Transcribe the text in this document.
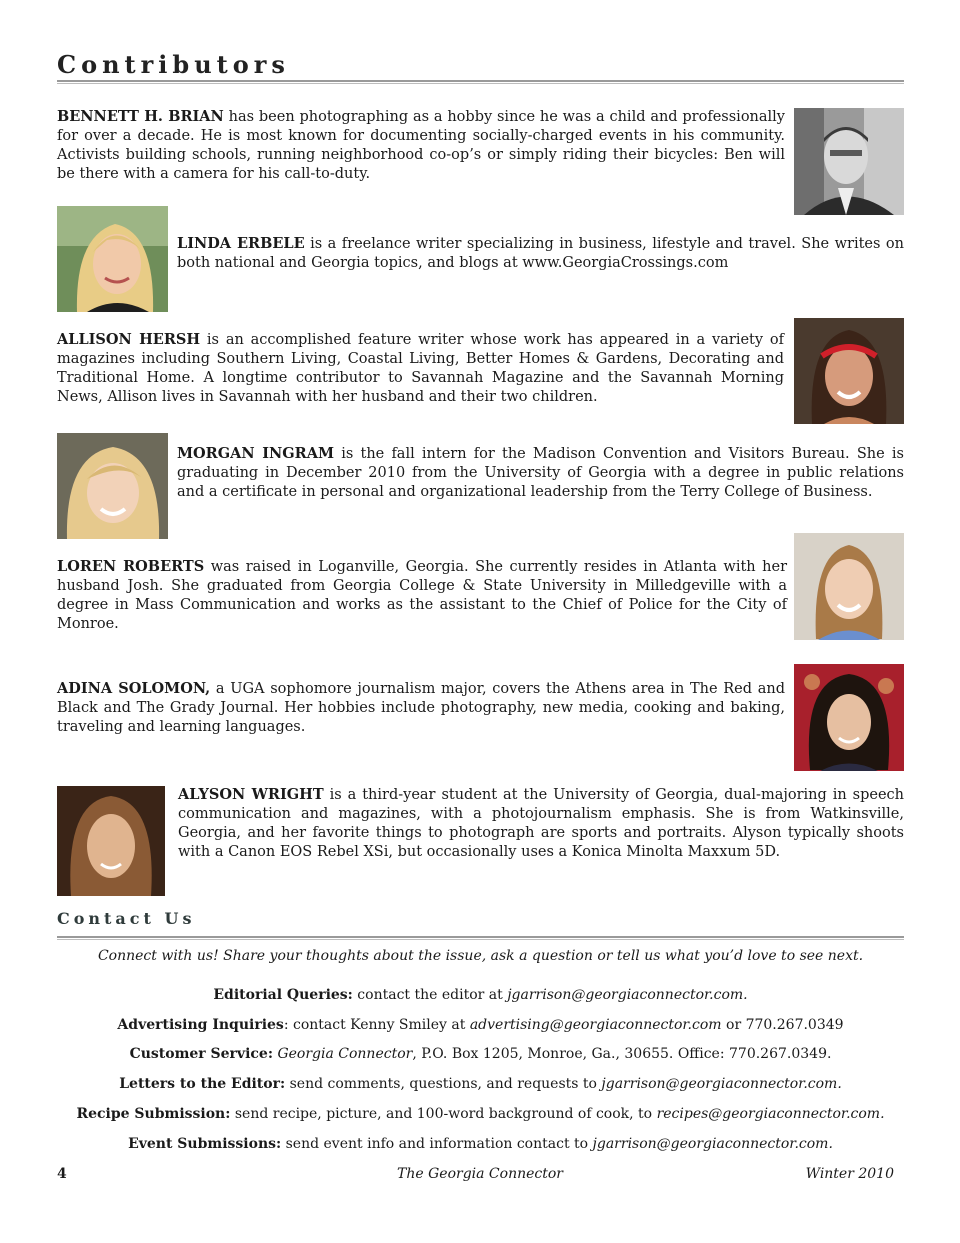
Contributors

BENNETT H. BRIAN has been photographing as a hobby since he was a child and professionally for over a decade. He is most known for documenting socially-charged events in his community. Activists building schools, running neighborhood co-op’s or simply riding their bicycles: Ben will be there with a camera for his call-to-duty.

LINDA ERBELE is a freelance writer specializing in business, lifestyle and travel. She writes on both national and Georgia topics, and blogs at www.GeorgiaCrossings.com

ALLISON HERSH is an accomplished feature writer whose work has appeared in a variety of magazines including Southern Living, Coastal Living, Better Homes & Gardens, Decorating and Traditional Home. A longtime contributor to Savannah Magazine and the Savannah Morning News, Allison lives in Savannah with her husband and their two children.

MORGAN INGRAM is the fall intern for the Madison Convention and Visitors Bureau. She is graduating in December 2010 from the University of Georgia with a degree in public relations and a certificate in personal and organizational leadership from the Terry College of Business.

LOREN ROBERTS was raised in Loganville, Georgia. She currently resides in Atlanta with her husband Josh. She graduated from Georgia College & State University in Milledgeville with a degree in Mass Communication and works as the assistant to the Chief of Police for the City of Monroe.

ADINA SOLOMON, a UGA sophomore journalism major, covers the Athens area in The Red and Black and The Grady Journal. Her hobbies include photography, new media, cooking and baking, traveling and learning languages.

ALYSON WRIGHT is a third-year student at the University of Georgia, dual-majoring in speech communication and magazines, with a photojournalism emphasis. She is from Watkinsville, Georgia, and her favorite things to photograph are sports and portraits. Alyson typically shoots with a Canon EOS Rebel XSi, but occasionally uses a Konica Minolta Maxxum 5D.

Contact Us
Connect with us! Share your thoughts about the issue, ask a question or tell us what you’d love to see next.
Editorial Queries: contact the editor at jgarrison@georgiaconnector.com.
Advertising Inquiries: contact Kenny Smiley at advertising@georgiaconnector.com or 770.267.0349
Customer Service: Georgia Connector, P.O. Box 1205, Monroe, Ga., 30655. Office: 770.267.0349.
Letters to the Editor: send comments, questions, and requests to jgarrison@georgiaconnector.com.
Recipe Submission: send recipe, picture, and 100-word background of cook, to recipes@georgiaconnector.com.
Event Submissions: send event info and information contact to jgarrison@georgiaconnector.com.
4	The Georgia Connector	Winter 2010
